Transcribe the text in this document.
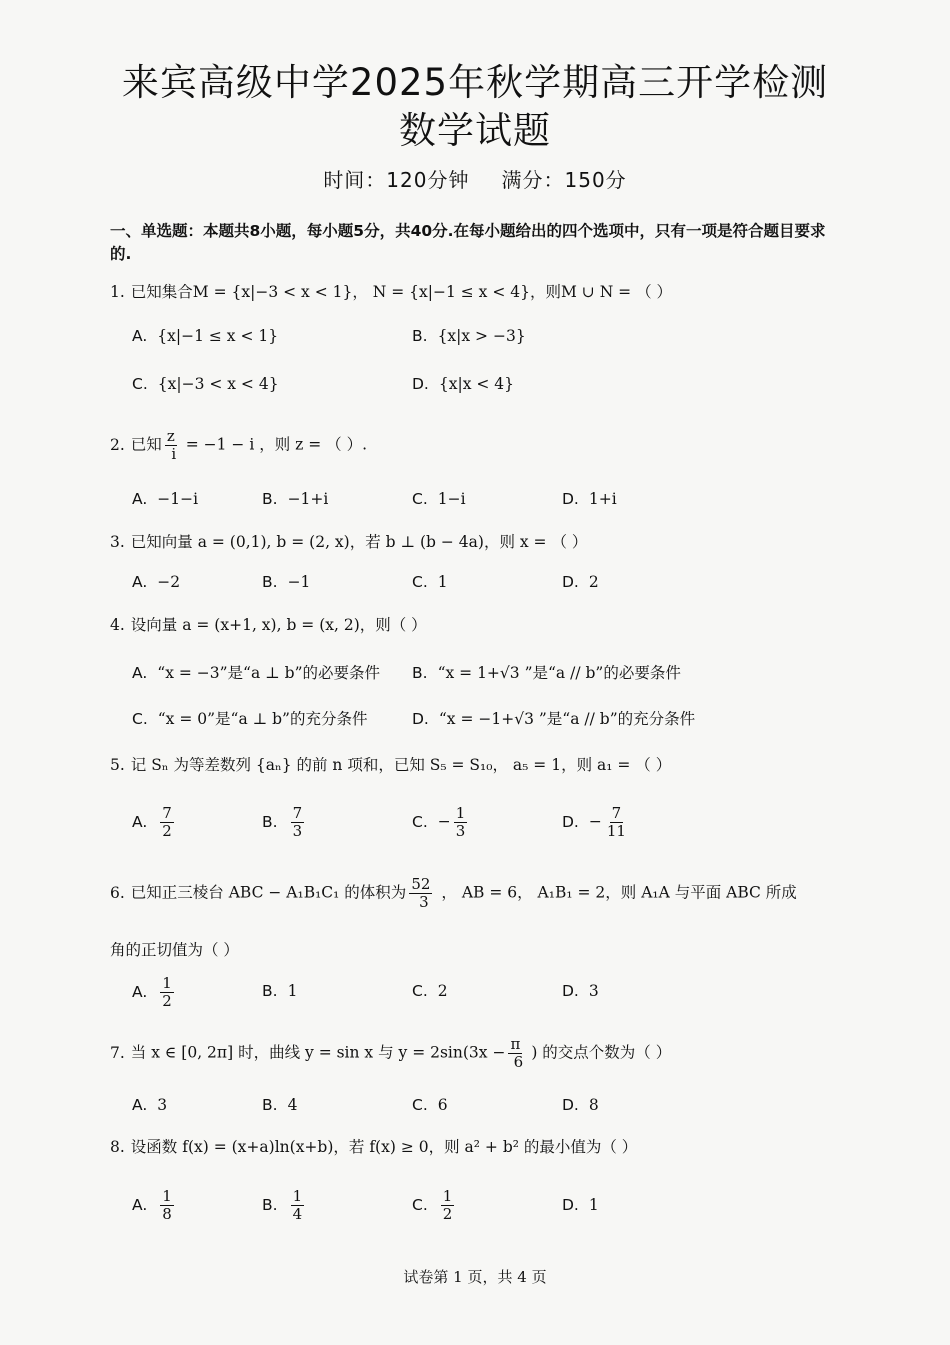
来宾高级中学2025年秋学期高三开学检测
数学试题
时间：120分钟 满分：150分
一、单选题：本题共8小题，每小题5分，共40分.在每小题给出的四个选项中，只有一项是符合题目要求的.
1. 已知集合M = {x|−3 < x < 1}， N = {x|−1 ≤ x < 4}，则M ∪ N = （ ）
A. {x|−1 ≤ x < 1}	B. {x|x > −3}
C. {x|−3 < x < 4}	D. {x|x < 4}
2. 已知 $\frac{z}{i} = -1 - i$ ，则 z = （ ）.
A. −1−i	B. −1+i	C. 1−i	D. 1+i
3. 已知向量 a = (0,1), b = (2, x)，若 b ⊥ (b − 4a)，则 x = （ ）
A. −2	B. −1	C. 1	D. 2
4. 设向量 a = (x+1, x), b = (x, 2)，则（ ）
A. “x = −3”是“a ⊥ b”的必要条件 B. “x = 1+√3 ”是“a // b”的必要条件
C. “x = 0”是“a ⊥ b”的充分条件	D. “x = −1+√3 ”是“a // b”的充分条件
5. 记 Sₙ 为等差数列 {aₙ} 的前 n 项和，已知 S₅ = S₁₀， a₅ = 1，则 a₁ = （ ）
A. $\frac{7}{2}$	B. $\frac{7}{3}$	C. − $\frac{1}{3}$	D. − $\frac{7}{11}$
6. 已知正三棱台 ABC − A₁B₁C₁ 的体积为 $\frac{52}{3}$ ， AB = 6， A₁B₁ = 2，则 A₁A 与平面 ABC 所成
角的正切值为（ ）
A. $\frac{1}{2}$	B. 1	C. 2	D. 3
7. 当 x ∈ [0, 2π] 时，曲线 y = sin x 与 $y = 2\sin(3x - \frac{\pi}{6}$ ) 的交点个数为（ ）
A. 3	B. 4	C. 6	D. 8
8. 设函数 f(x) = (x+a)ln(x+b)，若 f(x) ≥ 0，则 a² + b² 的最小值为（ ）
A. $\frac{1}{8}$	B. $\frac{1}{4}$	C. $\frac{1}{2}$	D. 1
试卷第 1 页，共 4 页
